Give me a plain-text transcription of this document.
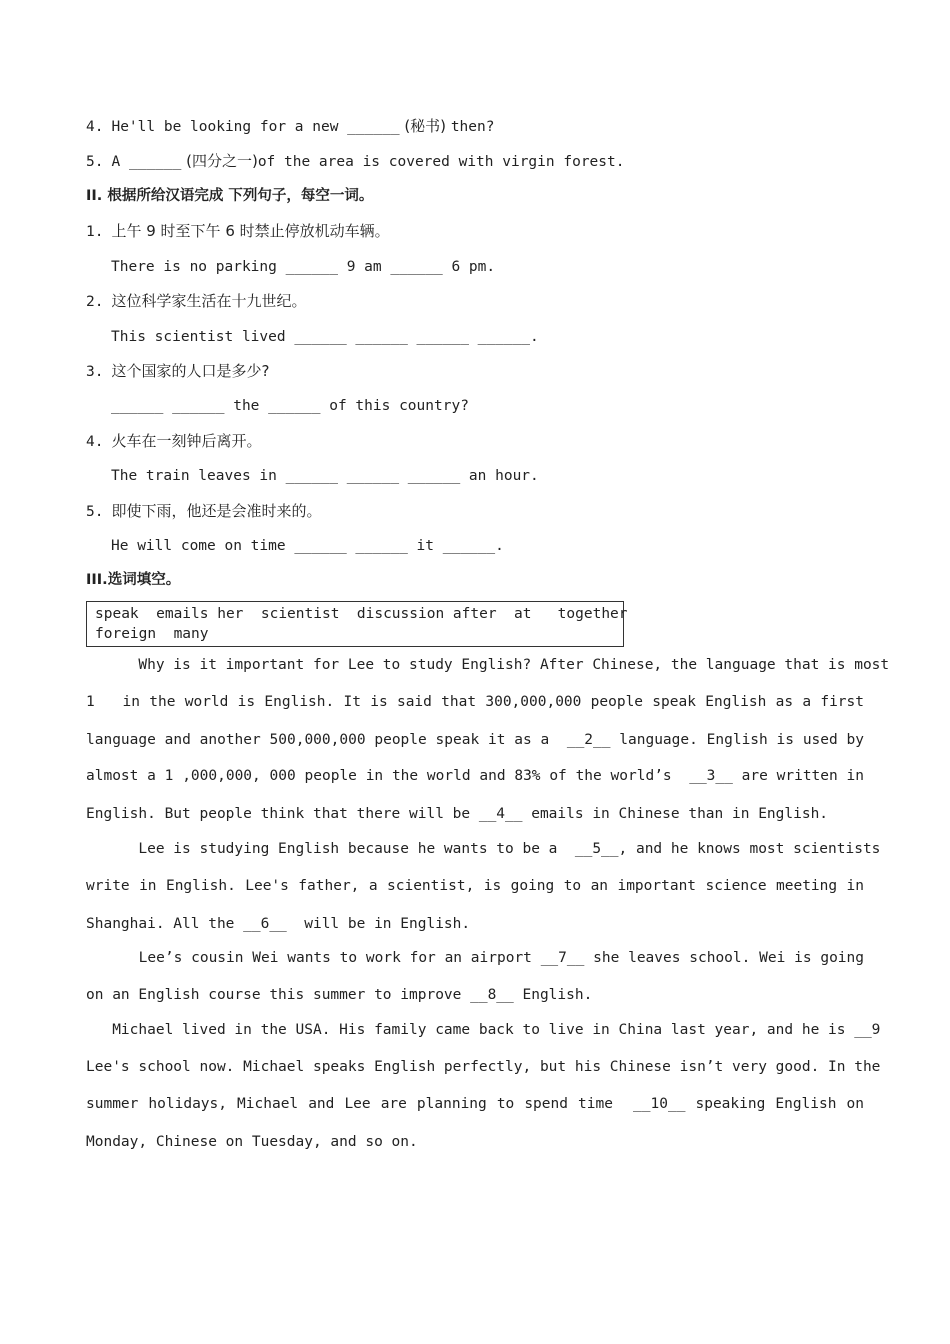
4. He'll be looking for a new ______ (秘书) then?
5. A ______ (四分之一)of the area is covered with virgin forest.
II. 根据所给汉语完成 下列句子，每空一词。
1. 上午 9 时至下午 6 时禁止停放机动车辆。
There is no parking ______ 9 am ______ 6 pm.
2. 这位科学家生活在十九世纪。
This scientist lived ______ ______ ______ ______.
3. 这个国家的人口是多少?
______ ______ the ______ of this country?
4. 火车在一刻钟后离开。
The train leaves in ______ ______ ______ an hour.
5. 即使下雨，他还是会准时来的。
He will come on time ______ ______ it ______.
III.选词填空。
speak  emails her  scientist  discussion after  at   together
foreign  many
Why is it important for Lee to study English? After Chinese, the language that is most
1   in the world is English. It is said that 300,000,000 people speak English as a first
language and another 500,000,000 people speak it as a  __2__ language. English is used by
almost a 1 ,000,000, 000 people in the world and 83% of the world’s  __3__ are written in
English. But people think that there will be __4__ emails in Chinese than in English.
Lee is studying English because he wants to be a  __5__, and he knows most scientists
write in English. Lee's father, a scientist, is going to an important science meeting in
Shanghai. All the __6__  will be in English.
Lee’s cousin Wei wants to work for an airport __7__ she leaves school. Wei is going
on an English course this summer to improve __8__ English.
Michael lived in the USA. His family came back to live in China last year, and he is __9
Lee's school now. Michael speaks English perfectly, but his Chinese isn’t very good. In the
summer holidays, Michael and Lee are planning to spend time  __10__ speaking English on
Monday, Chinese on Tuesday, and so on.
